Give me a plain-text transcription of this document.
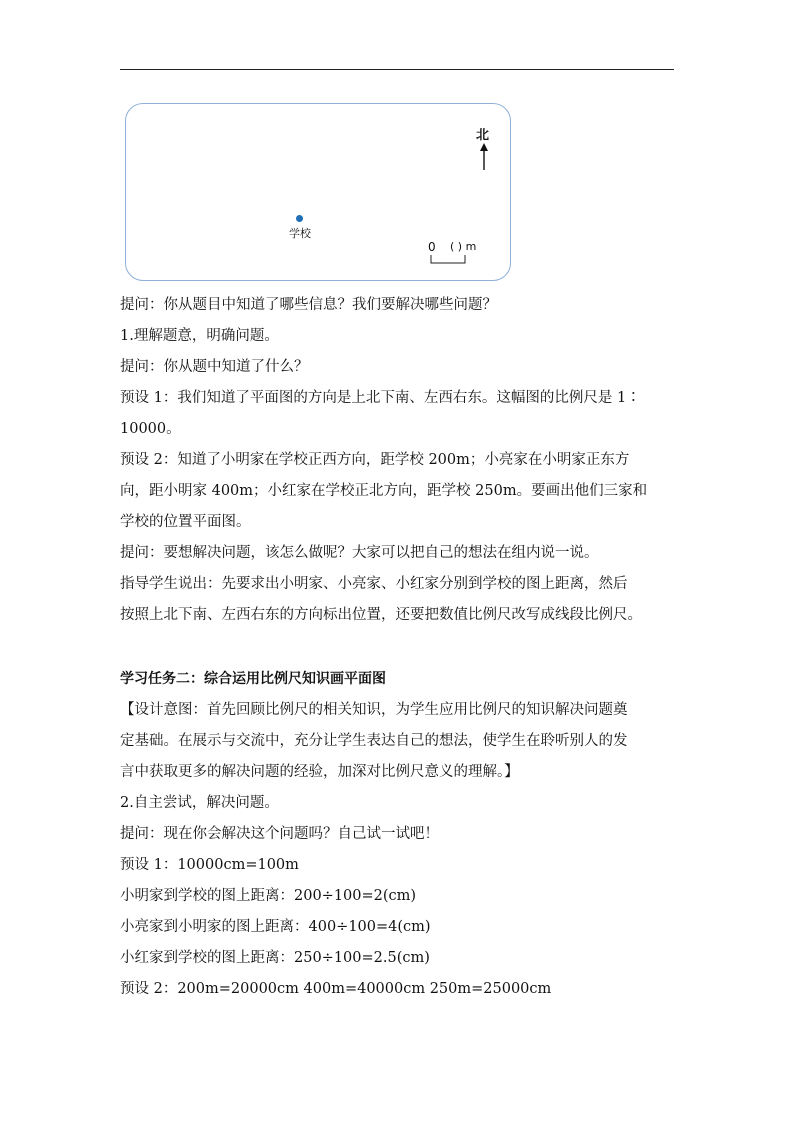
北
学校
0 ( ) m
提问：你从题目中知道了哪些信息？我们要解决哪些问题？
1.理解题意，明确问题。
提问：你从题中知道了什么？
预设 1：我们知道了平面图的方向是上北下南、左西右东。这幅图的比例尺是 1∶
10000。
预设 2：知道了小明家在学校正西方向，距学校 200m；小亮家在小明家正东方
向，距小明家 400m；小红家在学校正北方向，距学校 250m。要画出他们三家和
学校的位置平面图。
提问：要想解决问题，该怎么做呢？大家可以把自己的想法在组内说一说。
指导学生说出：先要求出小明家、小亮家、小红家分别到学校的图上距离，然后
按照上北下南、左西右东的方向标出位置，还要把数值比例尺改写成线段比例尺。
学习任务二：综合运用比例尺知识画平面图
【设计意图：首先回顾比例尺的相关知识，为学生应用比例尺的知识解决问题奠
定基础。在展示与交流中，充分让学生表达自己的想法，使学生在聆听别人的发
言中获取更多的解决问题的经验，加深对比例尺意义的理解。】
2.自主尝试，解决问题。
提问：现在你会解决这个问题吗？自己试一试吧！
预设 1：10000cm=100m
小明家到学校的图上距离：200÷100=2(cm)
小亮家到小明家的图上距离：400÷100=4(cm)
小红家到学校的图上距离：250÷100=2.5(cm)
预设 2：200m=20000cm 400m=40000cm 250m=25000cm
